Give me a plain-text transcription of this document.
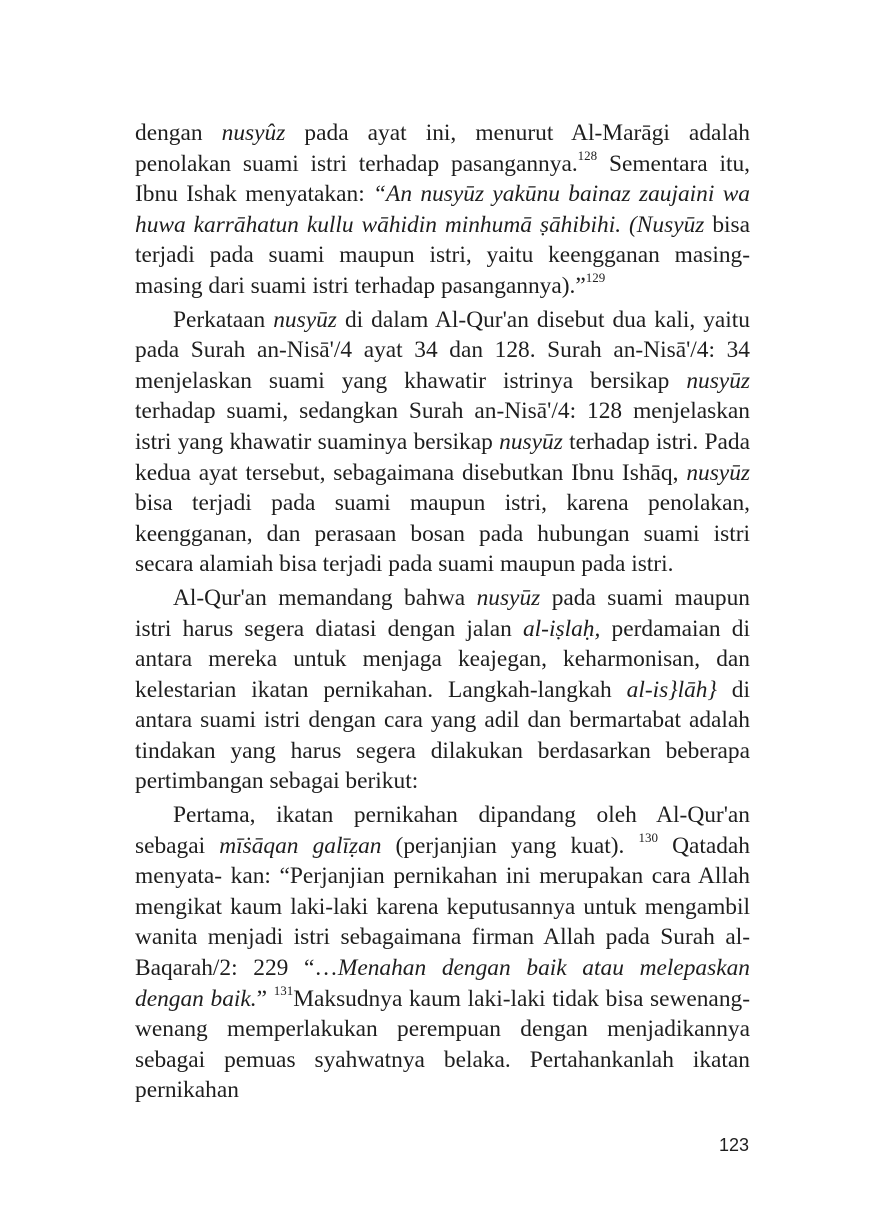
dengan nusyûz pada ayat ini, menurut Al-Marāgi adalah penolakan suami istri terhadap pasangannya.$^{128}$ Sementara itu, Ibnu Ishak menyatakan: “An nusyūz yakūnu bainaz zaujaini wa huwa karrāhatun kullu wāhidin minhumā ṣāhibihi. (Nusyūz bisa terjadi pada suami maupun istri, yaitu keengganan masing-masing dari suami istri terhadap pasangannya).”$^{129}$

Perkataan nusyūz di dalam Al-Qur'an disebut dua kali, yaitu pada Surah an-Nisā'/4 ayat 34 dan 128. Surah an-Nisā'/4: 34 menjelaskan suami yang khawatir istrinya bersikap nusyūz terhadap suami, sedangkan Surah an-Nisā'/4: 128 menjelaskan istri yang khawatir suaminya bersikap nusyūz terhadap istri. Pada kedua ayat tersebut, sebagaimana disebutkan Ibnu Ishāq, nusyūz bisa terjadi pada suami maupun istri, karena penolakan, keengganan, dan perasaan bosan pada hubungan suami istri secara alamiah bisa terjadi pada suami maupun pada istri.

Al-Qur'an memandang bahwa nusyūz pada suami maupun istri harus segera diatasi dengan jalan al-iṣlaḥ, perdamaian di antara mereka untuk menjaga keajegan, keharmonisan, dan kelestarian ikatan pernikahan. Langkah-langkah al-is}lāh} di antara suami istri dengan cara yang adil dan bermartabat adalah tindakan yang harus segera dilakukan berdasarkan beberapa pertimbangan sebagai berikut:

Pertama, ikatan pernikahan dipandang oleh Al-Qur'an sebagai mīṡāqan galīẓan (perjanjian yang kuat). $^{130}$ Qatadah menyata- kan: “Perjanjian pernikahan ini merupakan cara Allah mengikat kaum laki-laki karena keputusannya untuk mengambil wanita menjadi istri sebagaimana firman Allah pada Surah al-Baqarah/2: 229 “…Menahan dengan baik atau melepaskan dengan baik.” $^{131}$Maksudnya kaum laki-laki tidak bisa sewenang-wenang memperlakukan perempuan dengan menjadikannya sebagai pemuas syahwatnya belaka. Pertahankanlah ikatan pernikahan

123
